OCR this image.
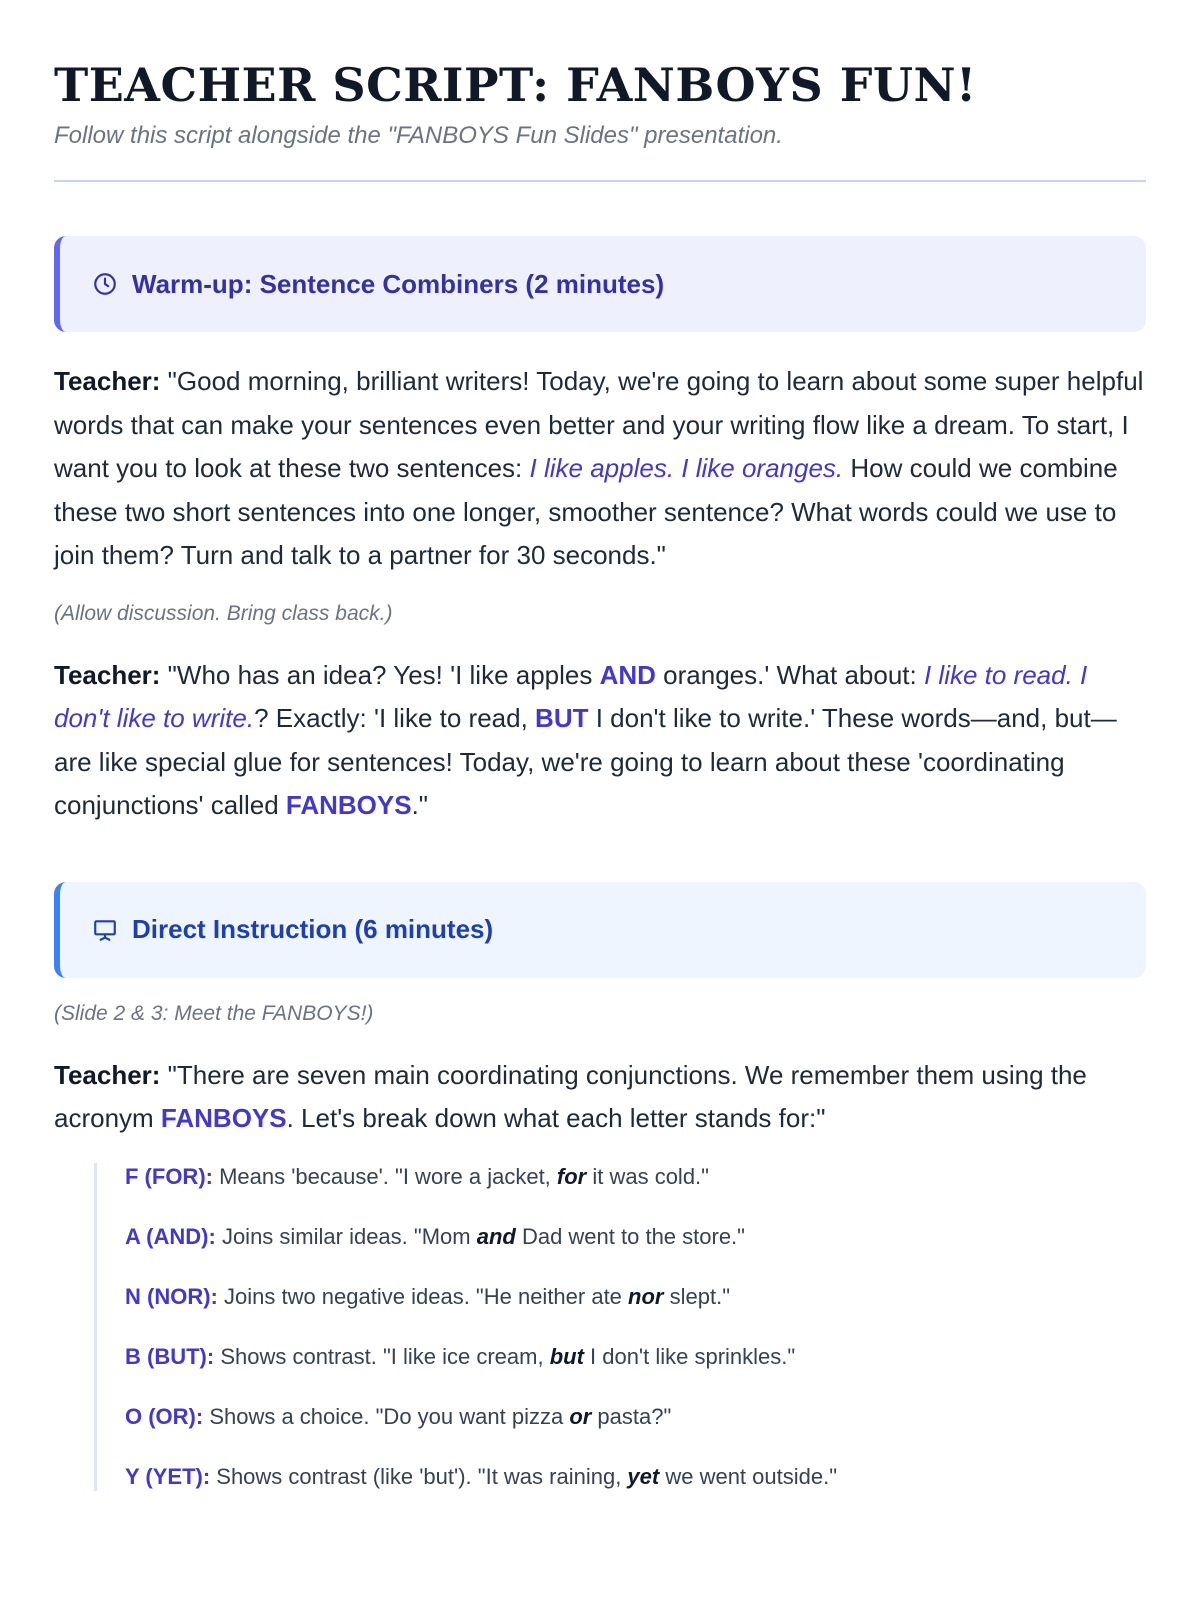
TEACHER SCRIPT: FANBOYS FUN!
Follow this script alongside the "FANBOYS Fun Slides" presentation.
Warm-up: Sentence Combiners (2 minutes)
Teacher: "Good morning, brilliant writers! Today, we're going to learn about some super helpful words that can make your sentences even better and your writing flow like a dream. To start, I want you to look at these two sentences: I like apples. I like oranges. How could we combine these two short sentences into one longer, smoother sentence? What words could we use to join them? Turn and talk to a partner for 30 seconds."
(Allow discussion. Bring class back.)
Teacher: "Who has an idea? Yes! 'I like apples AND oranges.' What about: I like to read. I don't like to write.? Exactly: 'I like to read, BUT I don't like to write.' These words—and, but—are like special glue for sentences! Today, we're going to learn about these 'coordinating conjunctions' called FANBOYS."
Direct Instruction (6 minutes)
(Slide 2 & 3: Meet the FANBOYS!)
Teacher: "There are seven main coordinating conjunctions. We remember them using the acronym FANBOYS. Let's break down what each letter stands for:"
F (FOR): Means 'because'. "I wore a jacket, for it was cold."
A (AND): Joins similar ideas. "Mom and Dad went to the store."
N (NOR): Joins two negative ideas. "He neither ate nor slept."
B (BUT): Shows contrast. "I like ice cream, but I don't like sprinkles."
O (OR): Shows a choice. "Do you want pizza or pasta?"
Y (YET): Shows contrast (like 'but'). "It was raining, yet we went outside."
